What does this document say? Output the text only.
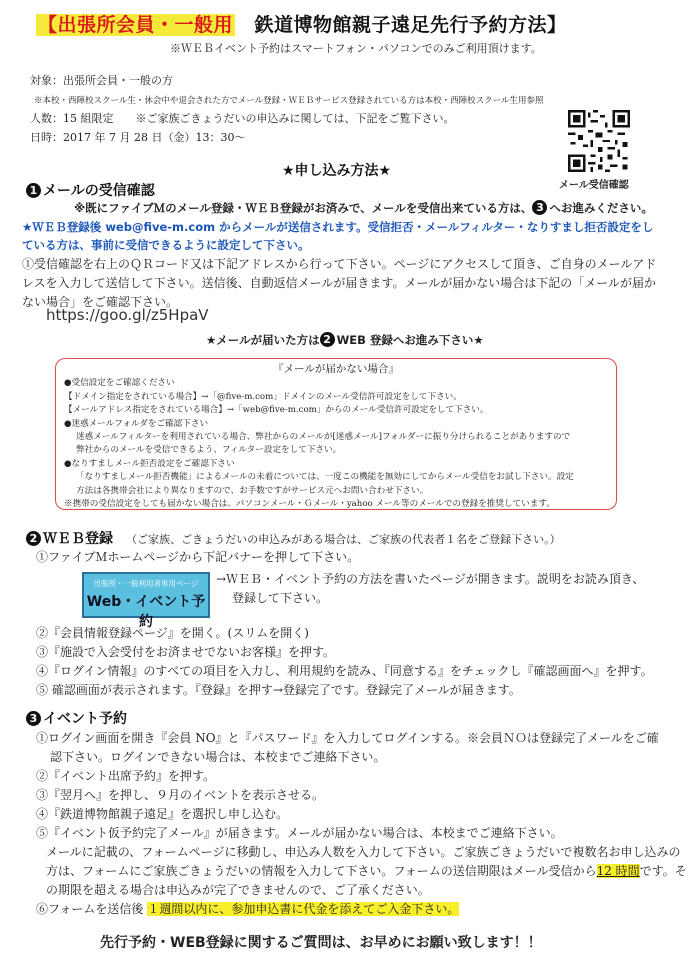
【出張所会員・一般用　鉄道博物館親子遠足先行予約方法】
※ＷＥＢイベント予約はスマートフォン・パソコンでのみご利用頂けます。
対象：出張所会員・一般の方
※本校・西陣校スクール生・休会中や退会された方でメール登録・ＷＥＢサービス登録されている方は本校・西陣校スクール生用参照
人数：15 組限定　　※ご家族ごきょうだいの申込みに関しては、下記をご覧下さい。
日時：2017 年 7 月 28 日（金）13：30〜
メール受信確認
★申し込み方法★
1 メールの受信確認
※既にファイブＭのメール登録・ＷＥＢ登録がお済みで、メールを受信出来ている方は、 3 へお進みください。
★ＷＥＢ登録後 web@five-m.com からメールが送信されます。受信拒否・メールフィルター・なりすまし拒否設定をし
ている方は、事前に受信できるように設定して下さい。
①受信確認を右上のＱＲコード又は下記アドレスから行って下さい。ページにアクセスして頂き、ご自身のメールアド
レスを入力して送信して下さい。送信後、自動返信メールが届きます。メールが届かない場合は下記の「メールが届か
ない場合」をご確認下さい。
https://goo.gl/z5HpaV
★メールが届いた方は 2 WEB 登録へお進み下さい★
『メールが届かない場合』
●受信設定をご確認ください
【ドメイン指定をされている場合】→「@five-m.com」ドメインのメール受信許可設定をして下さい。
【メールアドレス指定をされている場合】→「web@five-m.com」からのメール受信許可設定をして下さい。
●迷惑メールフォルダをご確認下さい
迷惑メールフィルターを利用されている場合、弊社からのメールが[迷惑メール]フォルダーに振り分けられることがありますので
弊社からのメールを受信できるよう、フィルター設定をして下さい。
●なりすましメール拒否設定をご確認下さい
「なりすましメール拒否機能」によるメールの未着については、一度この機能を無効にしてからメール受信をお試し下さい。設定
方法は各携帯会社により異なりますので、お手数ですがサービス元へお問い合わせ下さい。
※携帯の受信設定をしても届かない場合は、パソコンメール・Ｇメール・yahoo メール等のメールでの登録を推奨しています。
2 ＷＥＢ登録 （ご家族、ごきょうだいの申込みがある場合は、ご家族の代表者１名をご登録下さい。）
①ファイブＭホームページから下記バナーを押して下さい。
出張所・一般利用者専用ページ
Web・イベント予約
→ＷＥＢ・イベント予約の方法を書いたページが開きます。説明をお読み頂き、
登録して下さい。
②『会員情報登録ページ』を開く。(スリムを開く)
③『施設で入会受付をお済ませでないお客様』を押す。
④『ログイン情報』のすべての項目を入力し、利用規約を読み、『同意する』をチェックし『確認画面へ』を押す。
⑤ 確認画面が表示されます。『登録』を押す→登録完了です。登録完了メールが届きます。
3 イベント予約
①ログイン画面を開き『会員 NO』と『パスワード』を入力してログインする。※会員ＮＯは登録完了メールをご確
認下さい。ログインできない場合は、本校までご連絡下さい。
②『イベント出席予約』を押す。
③『翌月へ』を押し、９月のイベントを表示させる。
④『鉄道博物館親子遠足』を選択し申し込む。
⑤『イベント仮予約完了メール』が届きます。メールが届かない場合は、本校までご連絡下さい。
メールに記載の、フォームページに移動し、申込み人数を入力して下さい。ご家族ごきょうだいで複数名お申し込みの
方は、フォームにご家族ごきょうだいの情報を入力して下さい。フォームの送信期限はメール受信から12 時間です。そ
の期限を超える場合は申込みが完了できませんので、ご了承ください。
⑥フォームを送信後 １週間以内に、参加申込書に代金を添えてご入金下さい。
先行予約・WEB登録に関するご質問は、お早めにお願い致します！！
